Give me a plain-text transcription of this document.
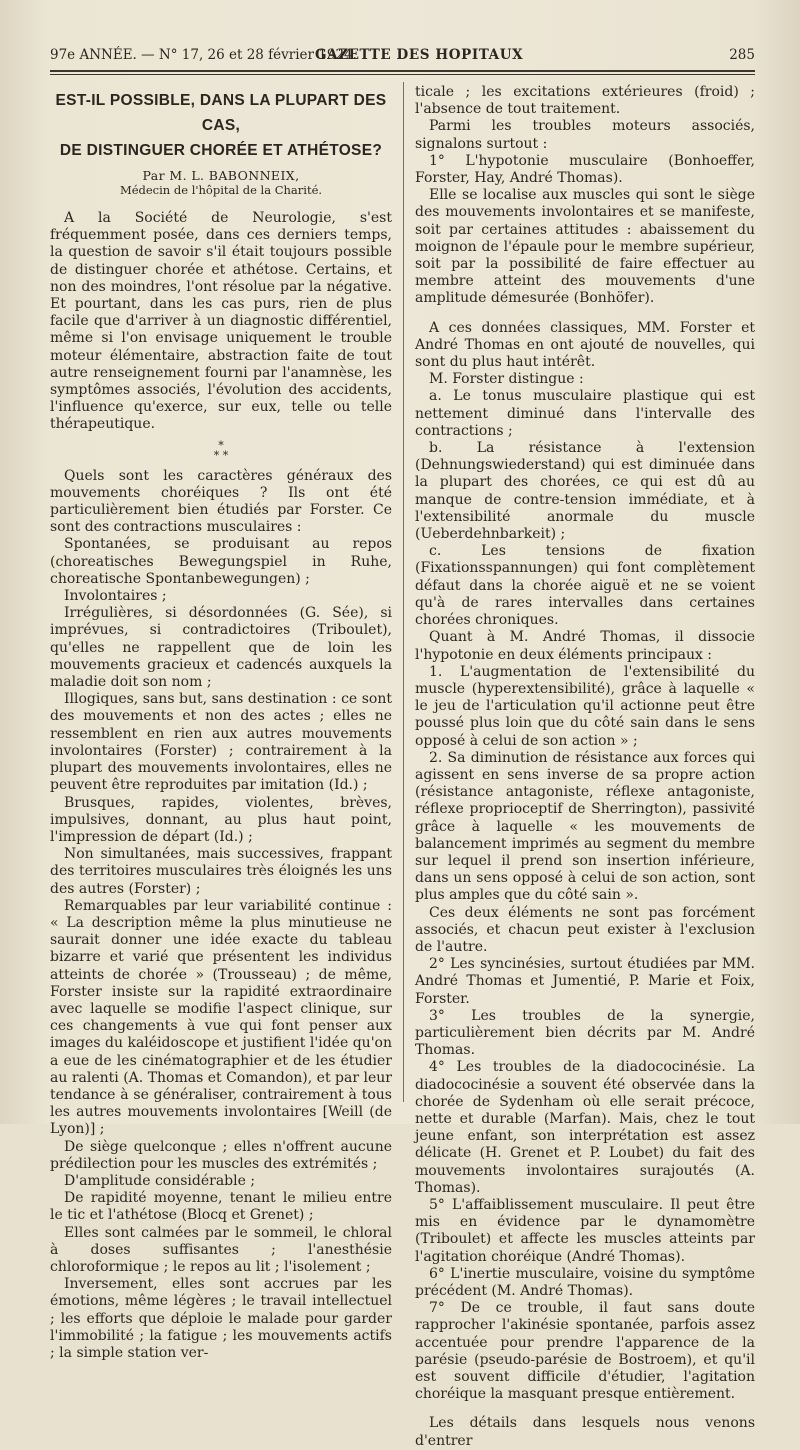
97e ANNÉE. — N° 17, 26 et 28 février 1924.
GAZETTE DES HOPITAUX	285
EST-IL POSSIBLE, DANS LA PLUPART DES CAS,
DE DISTINGUER CHORÉE ET ATHÉTOSE?
Par M. L. BABONNEIX,
Médecin de l'hôpital de la Charité.

A la Société de Neurologie, s'est fréquemment posée, dans ces derniers temps, la question de savoir s'il était toujours possible de distinguer chorée et athétose. Certains, et non des moindres, l'ont résolue par la négative. Et pourtant, dans les cas purs, rien de plus facile que d'arriver à un diagnostic différentiel, même si l'on envisage uniquement le trouble moteur élémentaire, abstraction faite de tout autre renseignement fourni par l'anamnèse, les symptômes associés, l'évolution des accidents, l'influence qu'exerce, sur eux, telle ou telle thérapeutique.

*
* *

Quels sont les caractères généraux des mouvements choréiques ? Ils ont été particulièrement bien étudiés par Forster. Ce sont des contractions musculaires :

Spontanées, se produisant au repos (choreatisches Bewegungspiel in Ruhe, choreatische Spontanbewegungen) ;

Involontaires ;

Irrégulières, si désordonnées (G. Sée), si imprévues, si contradictoires (Triboulet), qu'elles ne rappellent que de loin les mouvements gracieux et cadencés auxquels la maladie doit son nom ;

Illogiques, sans but, sans destination : ce sont des mouvements et non des actes ; elles ne ressemblent en rien aux autres mouvements involontaires (Forster) ; contrairement à la plupart des mouvements involontaires, elles ne peuvent être reproduites par imitation (Id.) ;

Brusques, rapides, violentes, brèves, impulsives, donnant, au plus haut point, l'impression de départ (Id.) ;

Non simultanées, mais successives, frappant des territoires musculaires très éloignés les uns des autres (Forster) ;

Remarquables par leur variabilité continue : « La description même la plus minutieuse ne saurait donner une idée exacte du tableau bizarre et varié que présentent les individus atteints de chorée » (Trousseau) ; de même, Forster insiste sur la rapidité extraordinaire avec laquelle se modifie l'aspect clinique, sur ces changements à vue qui font penser aux images du kaléidoscope et justifient l'idée qu'on a eue de les cinématographier et de les étudier au ralenti (A. Thomas et Comandon), et par leur tendance à se généraliser, contrairement à tous les autres mouvements involontaires [Weill (de Lyon)] ;

De siège quelconque ; elles n'offrent aucune prédilection pour les muscles des extrémités ;

D'amplitude considérable ;

De rapidité moyenne, tenant le milieu entre le tic et l'athétose (Blocq et Grenet) ;

Elles sont calmées par le sommeil, le chloral à doses suffisantes ; l'anesthésie chloroformique ; le repos au lit ; l'isolement ;

Inversement, elles sont accrues par les émotions, même légères ; le travail intellectuel ; les efforts que déploie le malade pour garder l'immobilité ; la fatigue ; les mouvements actifs ; la simple station ver-

ticale ; les excitations extérieures (froid) ; l'absence de tout traitement.

Parmi les troubles moteurs associés, signalons surtout :

1° L'hypotonie musculaire (Bonhoeffer, Forster, Hay, André Thomas).

Elle se localise aux muscles qui sont le siège des mouvements involontaires et se manifeste, soit par certaines attitudes : abaissement du moignon de l'épaule pour le membre supérieur, soit par la possibilité de faire effectuer au membre atteint des mouvements d'une amplitude démesurée (Bonhöfer).

A ces données classiques, MM. Forster et André Thomas en ont ajouté de nouvelles, qui sont du plus haut intérêt.

M. Forster distingue :

a. Le tonus musculaire plastique qui est nettement diminué dans l'intervalle des contractions ;

b. La résistance à l'extension (Dehnungswiederstand) qui est diminuée dans la plupart des chorées, ce qui est dû au manque de contre-tension immédiate, et à l'extensibilité anormale du muscle (Ueberdehnbarkeit) ;

c. Les tensions de fixation (Fixationsspannungen) qui font complètement défaut dans la chorée aiguë et ne se voient qu'à de rares intervalles dans certaines chorées chroniques.

Quant à M. André Thomas, il dissocie l'hypotonie en deux éléments principaux :

1. L'augmentation de l'extensibilité du muscle (hyperextensibilité), grâce à laquelle « le jeu de l'articulation qu'il actionne peut être poussé plus loin que du côté sain dans le sens opposé à celui de son action » ;

2. Sa diminution de résistance aux forces qui agissent en sens inverse de sa propre action (résistance antagoniste, réflexe antagoniste, réflexe proprioceptif de Sherrington), passivité grâce à laquelle « les mouvements de balancement imprimés au segment du membre sur lequel il prend son insertion inférieure, dans un sens opposé à celui de son action, sont plus amples que du côté sain ».

Ces deux éléments ne sont pas forcément associés, et chacun peut exister à l'exclusion de l'autre.

2° Les syncinésies, surtout étudiées par MM. André Thomas et Jumentié, P. Marie et Foix, Forster.

3° Les troubles de la synergie, particulièrement bien décrits par M. André Thomas.

4° Les troubles de la diadococinésie. La diadococinésie a souvent été observée dans la chorée de Sydenham où elle serait précoce, nette et durable (Marfan). Mais, chez le tout jeune enfant, son interprétation est assez délicate (H. Grenet et P. Loubet) du fait des mouvements involontaires surajoutés (A. Thomas).

5° L'affaiblissement musculaire. Il peut être mis en évidence par le dynamomètre (Triboulet) et affecte les muscles atteints par l'agitation choréique (André Thomas).

6° L'inertie musculaire, voisine du symptôme précédent (M. André Thomas).

7° De ce trouble, il faut sans doute rapprocher l'akinésie spontanée, parfois assez accentuée pour prendre l'apparence de la parésie (pseudo-parésie de Bostroem), et qu'il est souvent difficile d'étudier, l'agitation choréique la masquant presque entièrement.

Les détails dans lesquels nous venons d'entrer
